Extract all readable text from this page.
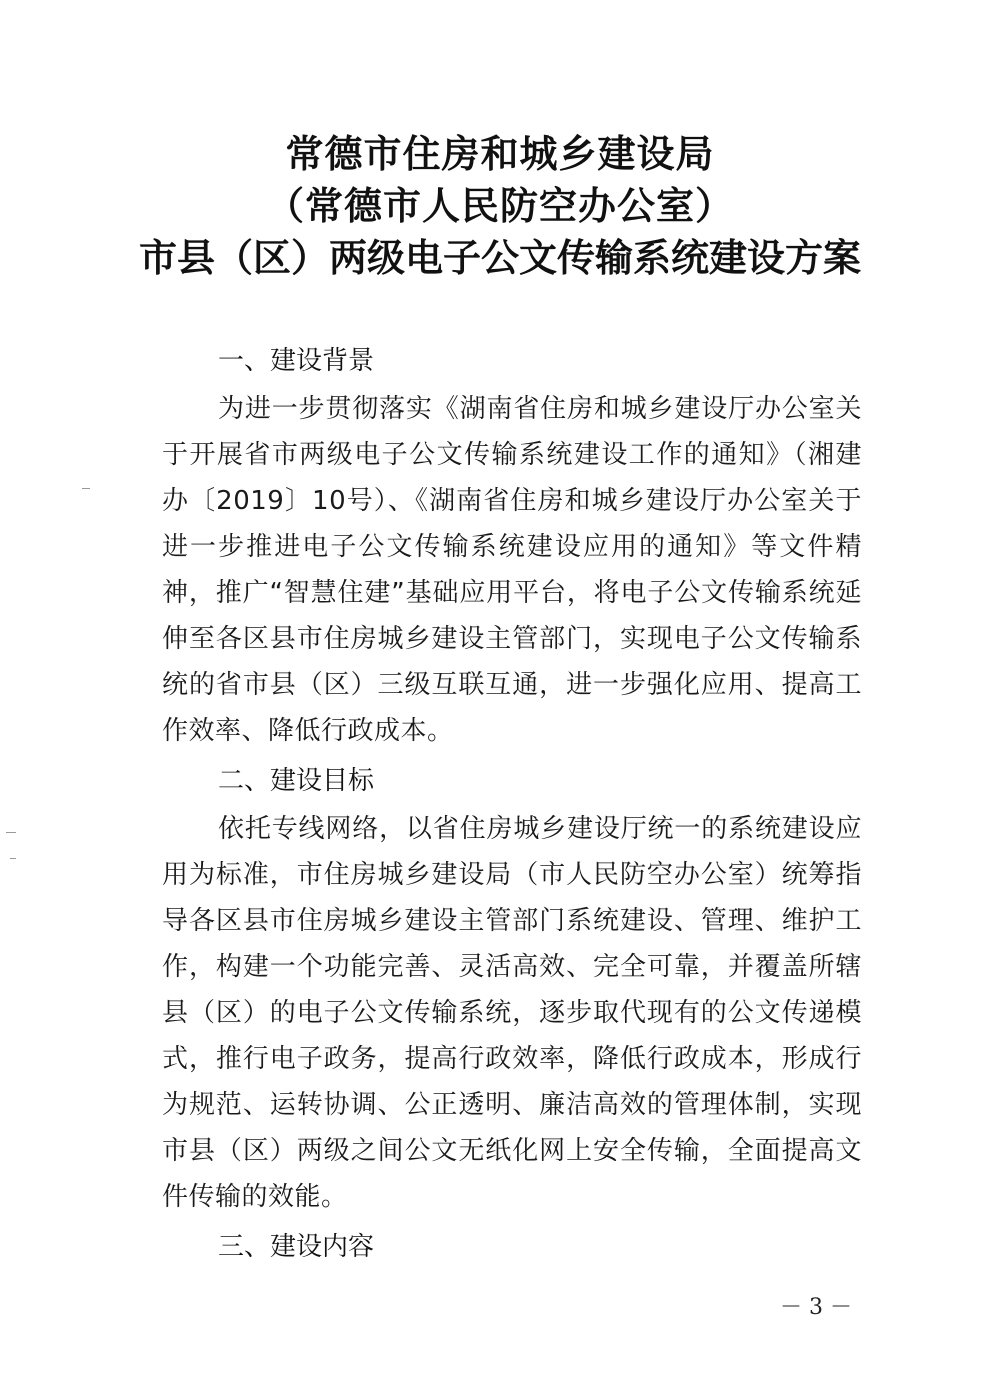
常德市住房和城乡建设局
（常德市人民防空办公室）
市县（区）两级电子公文传输系统建设方案
一、建设背景
为进一步贯彻落实《湖南省住房和城乡建设厅办公室关于开展省市两级电子公文传输系统建设工作的通知》（湘建办〔2019〕10号）、《湖南省住房和城乡建设厅办公室关于进一步推进电子公文传输系统建设应用的通知》等文件精神，推广“智慧住建”基础应用平台，将电子公文传输系统延伸至各区县市住房城乡建设主管部门，实现电子公文传输系统的省市县（区）三级互联互通，进一步强化应用、提高工作效率、降低行政成本。
二、建设目标
依托专线网络，以省住房城乡建设厅统一的系统建设应用为标准，市住房城乡建设局（市人民防空办公室）统筹指导各区县市住房城乡建设主管部门系统建设、管理、维护工作，构建一个功能完善、灵活高效、完全可靠，并覆盖所辖县（区）的电子公文传输系统，逐步取代现有的公文传递模式，推行电子政务，提高行政效率，降低行政成本，形成行为规范、运转协调、公正透明、廉洁高效的管理体制，实现市县（区）两级之间公文无纸化网上安全传输，全面提高文件传输的效能。
三、建设内容
－ 3 －
